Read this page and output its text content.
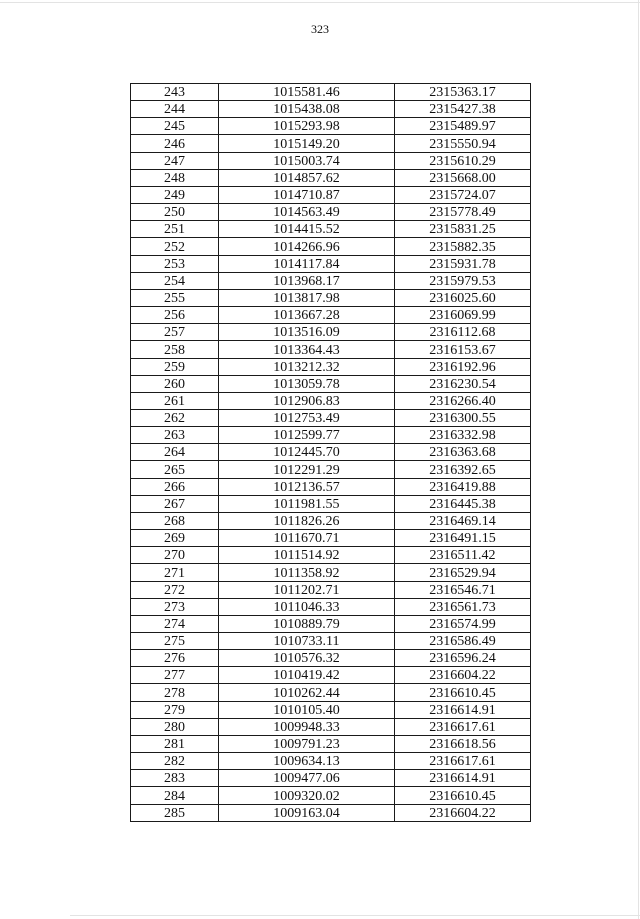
323
243	1015581.46	2315363.17
244	1015438.08	2315427.38
245	1015293.98	2315489.97
246	1015149.20	2315550.94
247	1015003.74	2315610.29
248	1014857.62	2315668.00
249	1014710.87	2315724.07
250	1014563.49	2315778.49
251	1014415.52	2315831.25
252	1014266.96	2315882.35
253	1014117.84	2315931.78
254	1013968.17	2315979.53
255	1013817.98	2316025.60
256	1013667.28	2316069.99
257	1013516.09	2316112.68
258	1013364.43	2316153.67
259	1013212.32	2316192.96
260	1013059.78	2316230.54
261	1012906.83	2316266.40
262	1012753.49	2316300.55
263	1012599.77	2316332.98
264	1012445.70	2316363.68
265	1012291.29	2316392.65
266	1012136.57	2316419.88
267	1011981.55	2316445.38
268	1011826.26	2316469.14
269	1011670.71	2316491.15
270	1011514.92	2316511.42
271	1011358.92	2316529.94
272	1011202.71	2316546.71
273	1011046.33	2316561.73
274	1010889.79	2316574.99
275	1010733.11	2316586.49
276	1010576.32	2316596.24
277	1010419.42	2316604.22
278	1010262.44	2316610.45
279	1010105.40	2316614.91
280	1009948.33	2316617.61
281	1009791.23	2316618.56
282	1009634.13	2316617.61
283	1009477.06	2316614.91
284	1009320.02	2316610.45
285	1009163.04	2316604.22
